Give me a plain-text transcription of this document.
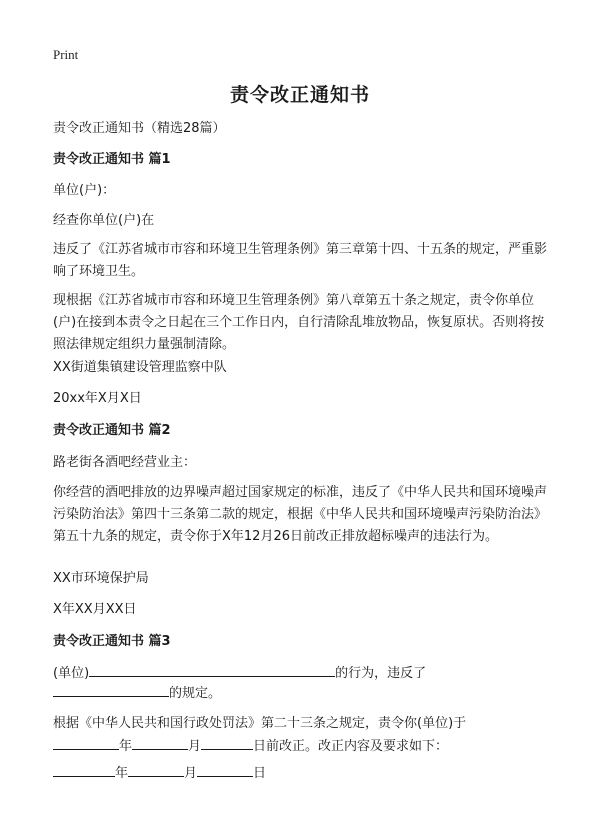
Print
责令改正通知书

责令改正通知书（精选28篇）

责令改正通知书 篇1

单位(户)：

经查你单位(户)在

违反了《江苏省城市市容和环境卫生管理条例》第三章第十四、十五条的规定，严重影响了环境卫生。

现根据《江苏省城市市容和环境卫生管理条例》第八章第五十条之规定，责令你单位(户)在接到本责令之日起在三个工作日内，自行清除乱堆放物品，恢复原状。否则将按照法律规定组织力量强制清除。

XX街道集镇建设管理监察中队

20xx年X月X日

责令改正通知书 篇2

路老街各酒吧经营业主：

你经营的酒吧排放的边界噪声超过国家规定的标准，违反了《中华人民共和国环境噪声污染防治法》第四十三条第二款的规定，根据《中华人民共和国环境噪声污染防治法》第五十九条的规定，责令你于X年12月26日前改正排放超标噪声的违法行为。

XX市环境保护局

X年XX月XX日

责令改正通知书 篇3

(单位)	的行为，违反了

的规定。

根据《中华人民共和国行政处罚法》第二十三条之规定，责令你(单位)于
年	月	日前改正。改正内容及要求如下：

年	月	日
